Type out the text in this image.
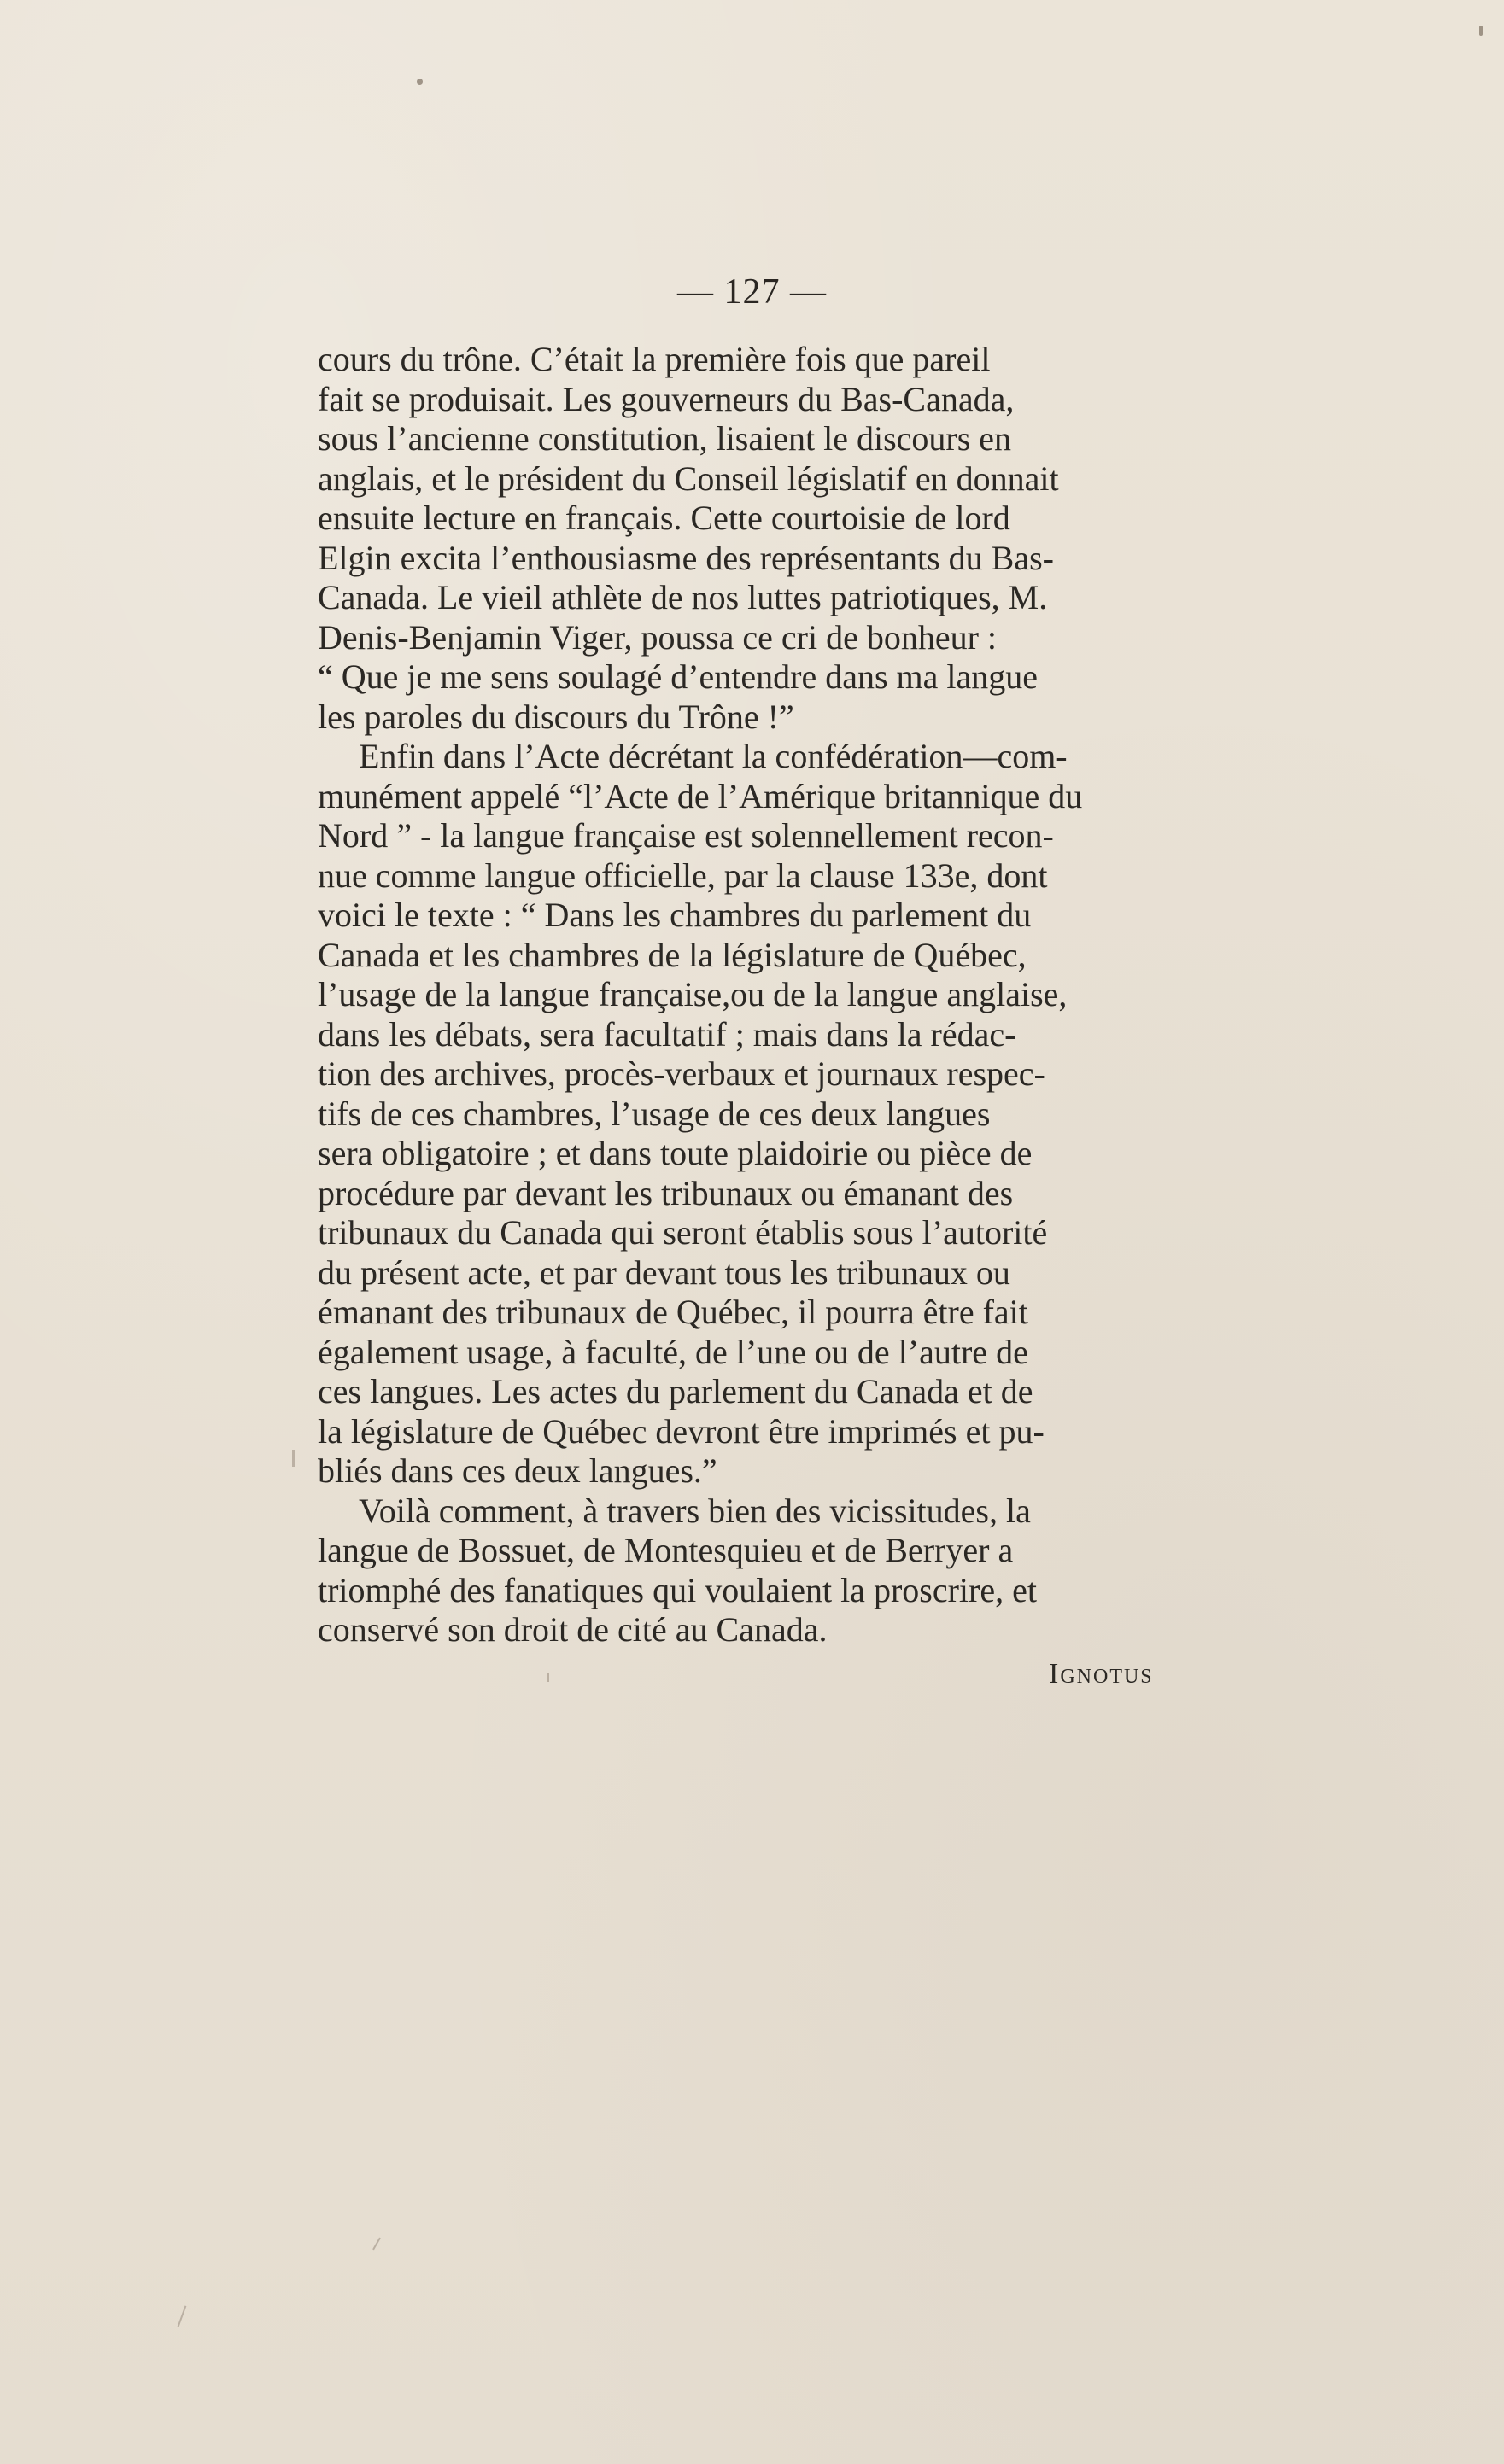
— 127 —
cours du trône. C’était la première fois que pareil
fait se produisait. Les gouverneurs du Bas-Canada,
sous l’ancienne constitution, lisaient le discours en
anglais, et le président du Conseil législatif en donnait
ensuite lecture en français. Cette courtoisie de lord
Elgin excita l’enthousiasme des représentants du Bas-
Canada. Le vieil athlète de nos luttes patriotiques, M.
Denis-Benjamin Viger, poussa ce cri de bonheur :
“ Que je me sens soulagé d’entendre dans ma langue
les paroles du discours du Trône !”
Enfin dans l’Acte décrétant la confédération—com-
munément appelé “l’Acte de l’Amérique britannique du
Nord ” - la langue française est solennellement recon-
nue comme langue officielle, par la clause 133e, dont
voici le texte : “ Dans les chambres du parlement du
Canada et les chambres de la législature de Québec,
l’usage de la langue française,ou de la langue anglaise,
dans les débats, sera facultatif ; mais dans la rédac-
tion des archives, procès-verbaux et journaux respec-
tifs de ces chambres, l’usage de ces deux langues
sera obligatoire ; et dans toute plaidoirie ou pièce de
procédure par devant les tribunaux ou émanant des
tribunaux du Canada qui seront établis sous l’autorité
du présent acte, et par devant tous les tribunaux ou
émanant des tribunaux de Québec, il pourra être fait
également usage, à faculté, de l’une ou de l’autre de
ces langues. Les actes du parlement du Canada et de
la législature de Québec devront être imprimés et pu-
bliés dans ces deux langues.”
Voilà comment, à travers bien des vicissitudes, la
langue de Bossuet, de Montesquieu et de Berryer a
triomphé des fanatiques qui voulaient la proscrire, et
conservé son droit de cité au Canada.
Ignotus
